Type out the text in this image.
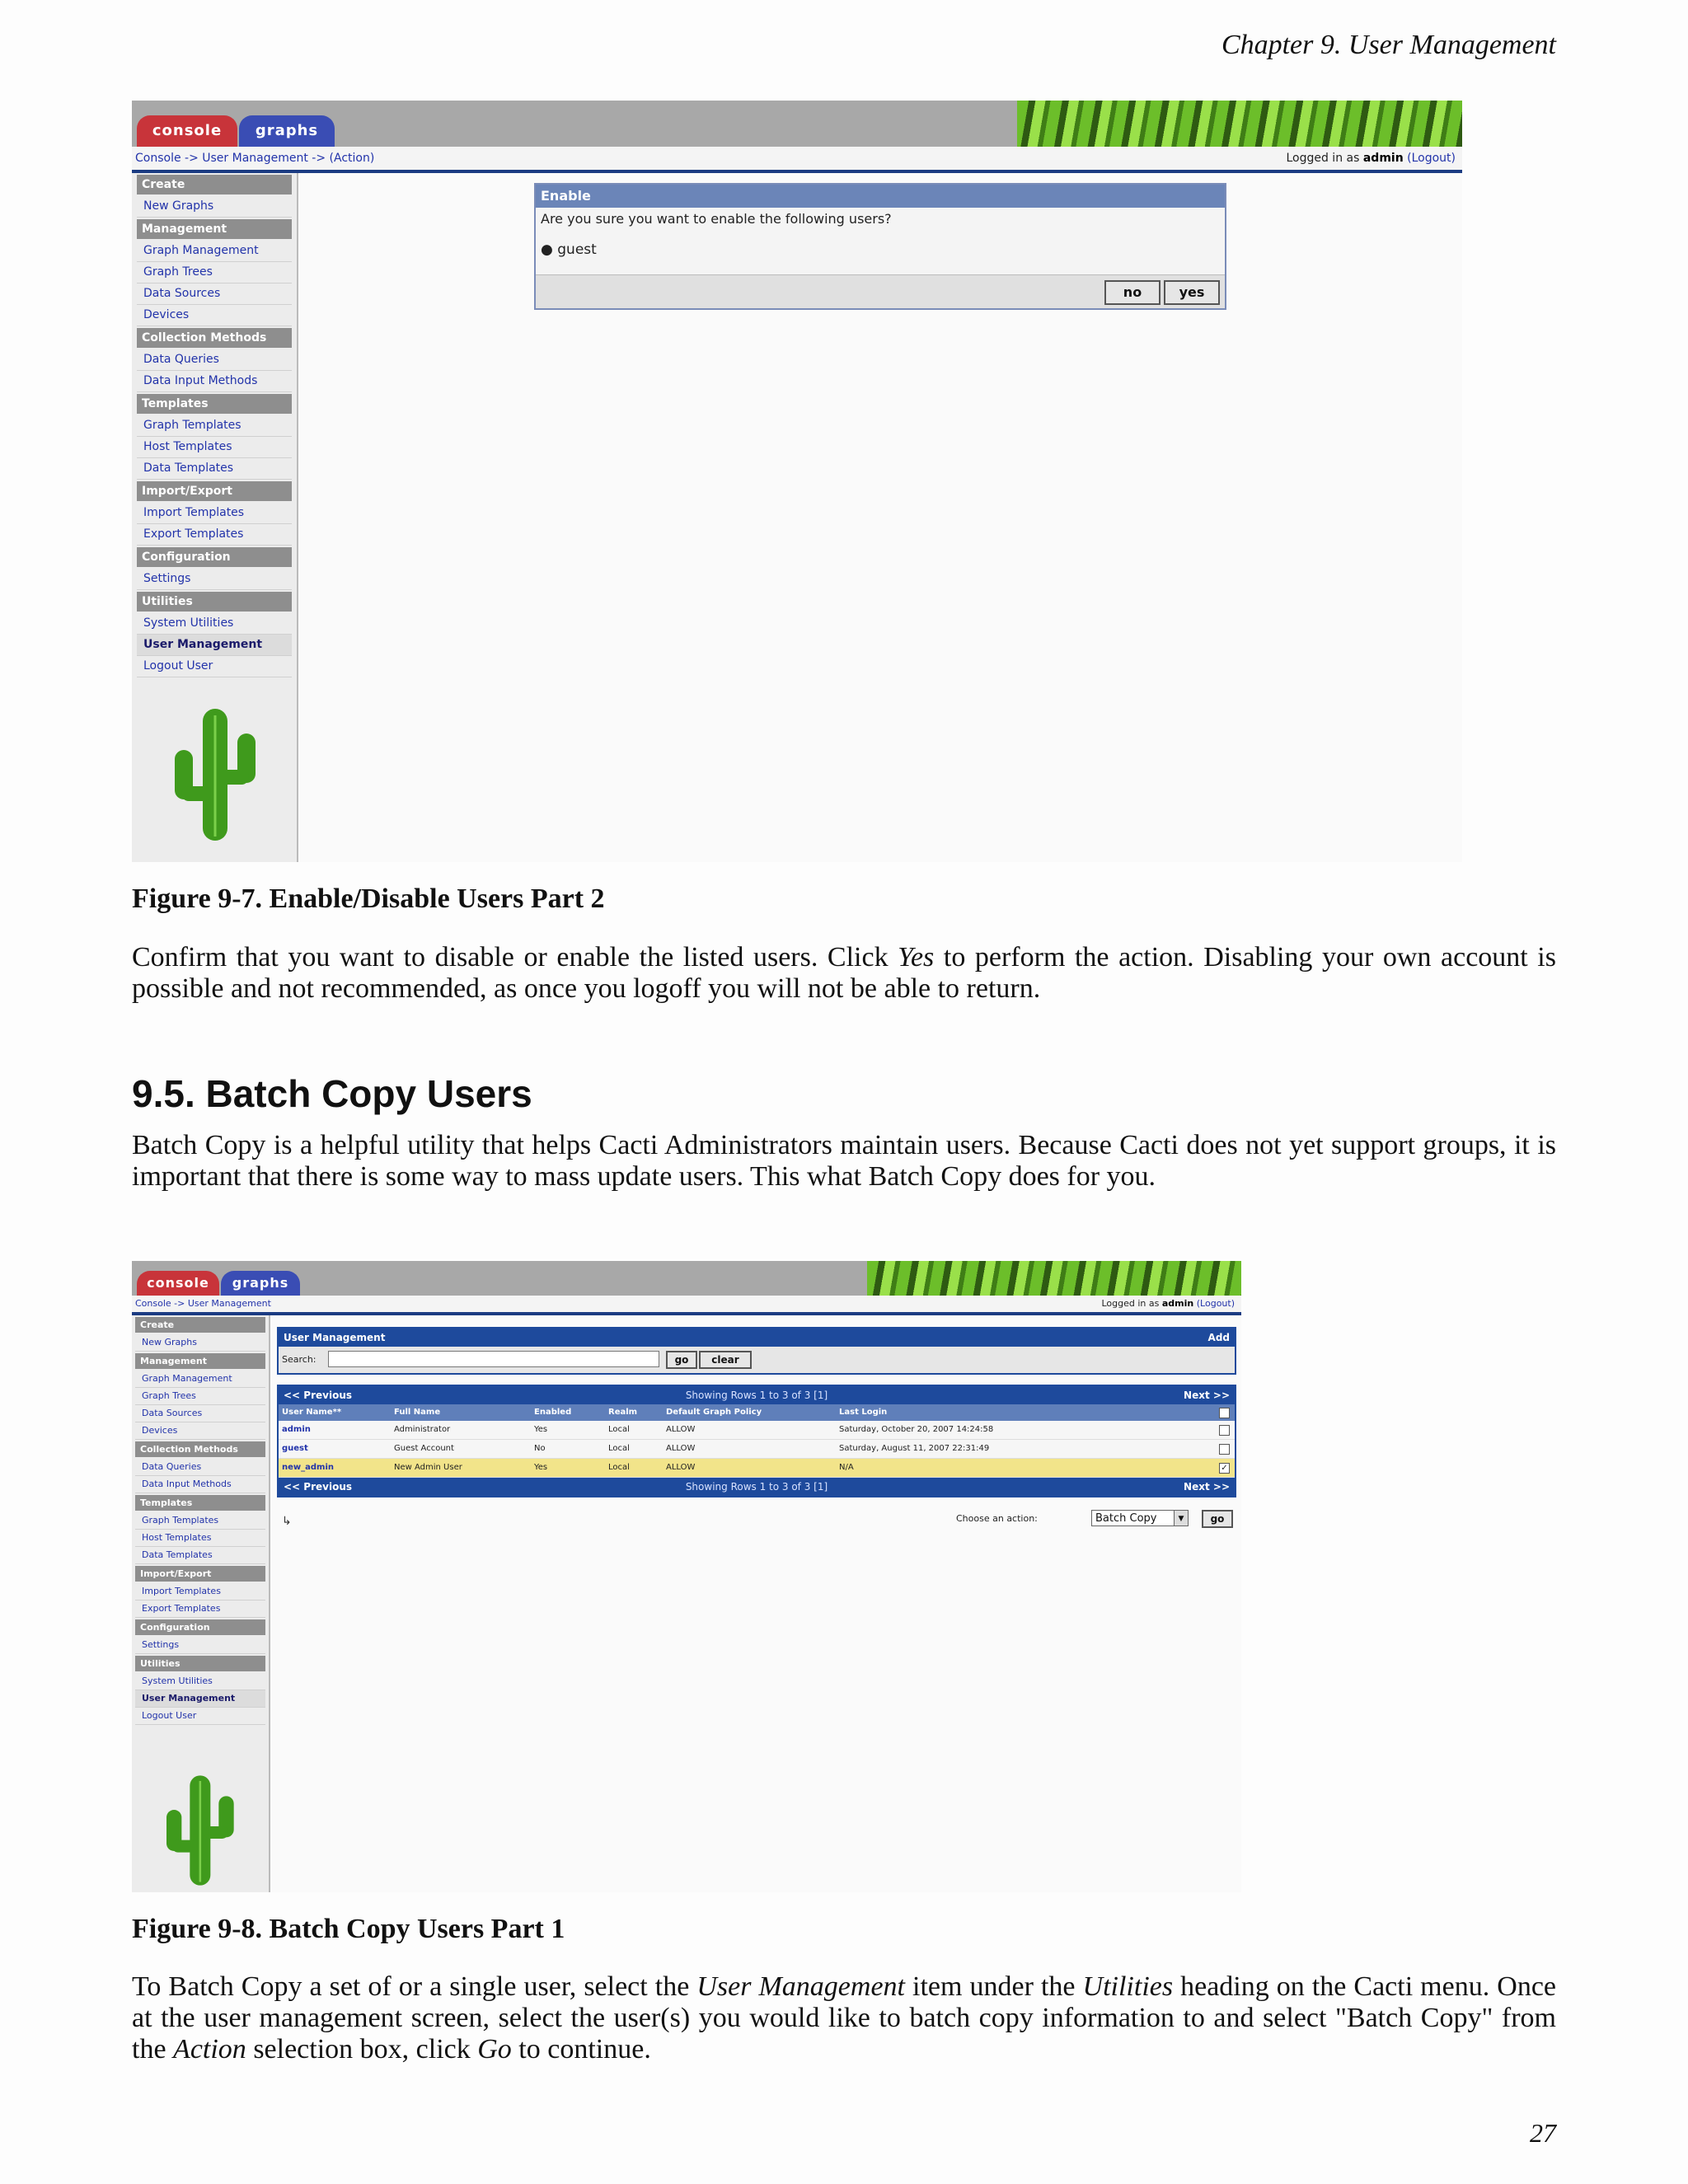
Chapter 9. User Management
console	graphs
Console -> User Management -> (Action)	Logged in as admin (Logout)
Create
New Graphs
Management
Graph Management
Graph Trees
Data Sources
Devices
Collection Methods
Data Queries
Data Input Methods
Templates
Graph Templates
Host Templates
Data Templates
Import/Export
Import Templates
Export Templates
Configuration
Settings
Utilities
System Utilities
User Management
Logout User
Enable
Are you sure you want to enable the following users?
● guest
no	yes
Figure 9-7. Enable/Disable Users Part 2
Confirm that you want to disable or enable the listed users. Click Yes to perform the action. Disabling your own account is possible and not recommended, as once you logoff you will not be able to return.
9.5. Batch Copy Users
Batch Copy is a helpful utility that helps Cacti Administrators maintain users. Because Cacti does not yet support groups, it is important that there is some way to mass update users. This what Batch Copy does for you.
console	graphs
Console -> User Management	Logged in as admin (Logout)
Create
New Graphs
Management
Graph Management
Graph Trees
Data Sources
Devices
Collection Methods
Data Queries
Data Input Methods
Templates
Graph Templates
Host Templates
Data Templates
Import/Export
Import Templates
Export Templates
Configuration
Settings
Utilities
System Utilities
User Management
Logout User
User Management	Add
Search:	go	clear
Showing Rows 1 to 3 of 3 [1]
<< Previous	Next >>
User Name**	Full Name	Enabled	Realm	Default Graph Policy	Last Login
admin	Administrator	Yes	Local	ALLOW	Saturday, October 20, 2007 14:24:58
guest	Guest Account	No	Local	ALLOW	Saturday, August 11, 2007 22:31:49
new_admin	New Admin User	Yes	Local	ALLOW	N/A	✓
Showing Rows 1 to 3 of 3 [1]
<< Previous	Next >>
↳	Choose an action:	Batch Copy	▼	go
Figure 9-8. Batch Copy Users Part 1
To Batch Copy a set of or a single user, select the User Management item under the Utilities heading on the Cacti menu. Once at the user management screen, select the user(s) you would like to batch copy information to and select "Batch Copy" from the Action selection box, click Go to continue.
27
